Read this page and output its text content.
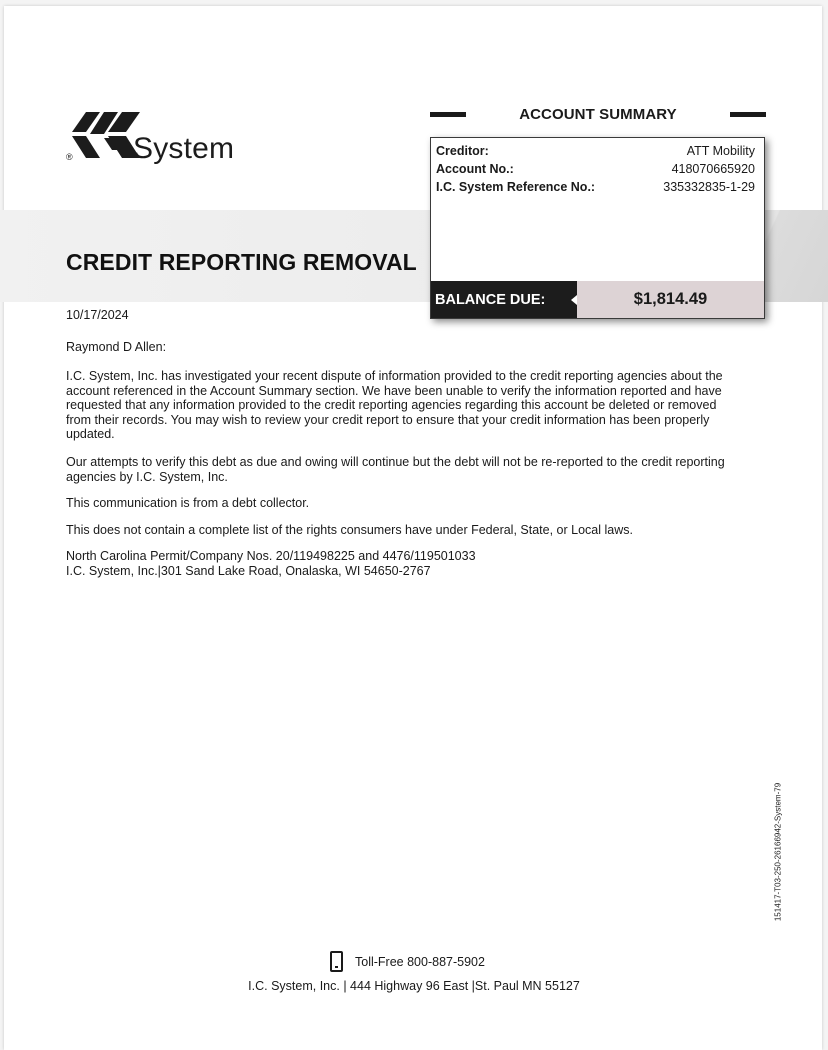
® System
ACCOUNT SUMMARY
Creditor:	ATT Mobility
Account No.:	418070665920
I.C. System Reference No.:	335332835-1-29
BALANCE DUE:	$1,814.49
CREDIT REPORTING REMOVAL
10/17/2024
Raymond D Allen:
I.C. System, Inc. has investigated your recent dispute of information provided to the credit reporting agencies about the account referenced in the Account Summary section. We have been unable to verify the information reported and have requested that any information provided to the credit reporting agencies regarding this account be deleted or removed from their records. You may wish to review your credit report to ensure that your credit information has been properly updated.
Our attempts to verify this debt as due and owing will continue but the debt will not be re-reported to the credit reporting agencies by I.C. System, Inc.
This communication is from a debt collector.
This does not contain a complete list of the rights consumers have under Federal, State, or Local laws.
North Carolina Permit/Company Nos. 20/119498225 and 4476/119501033
I.C. System, Inc.|301 Sand Lake Road, Onalaska, WI 54650-2767
151417-T03-250-26166942-System-79
Toll-Free 800-887-5902
I.C. System, Inc. | 444 Highway 96 East |St. Paul MN 55127
